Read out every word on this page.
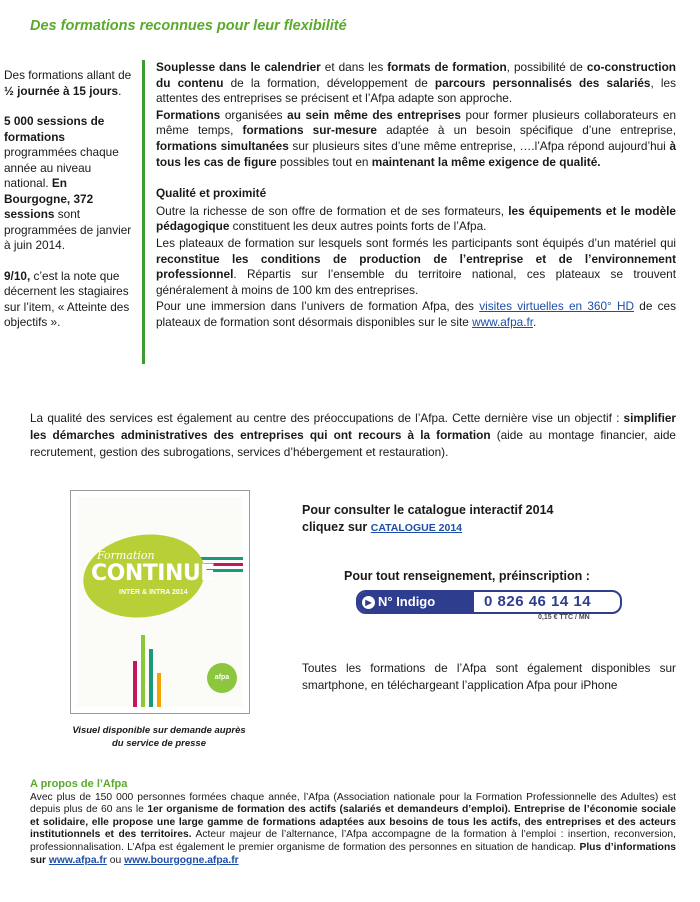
Des formations reconnues pour leur flexibilité

Des formations allant de ½ journée à 15 jours.

5 000 sessions de formations programmées chaque année au niveau national. En Bourgogne, 372 sessions sont programmées de janvier à juin 2014.

9/10, c’est la note que décernent les stagiaires sur l’item, « Atteinte des objectifs ».

Souplesse dans le calendrier et dans les formats de formation, possibilité de co-construction du contenu de la formation, développement de parcours personnalisés des salariés, les attentes des entreprises se précisent et l’Afpa adapte son approche.

Formations organisées au sein même des entreprises pour former plusieurs collaborateurs en même temps, formations sur-mesure adaptée à un besoin spécifique d’une entreprise, formations simultanées sur plusieurs sites d’une même entreprise, ….l’Afpa répond aujourd’hui à tous les cas de figure possibles tout en maintenant la même exigence de qualité.

Qualité et proximité

Outre la richesse de son offre de formation et de ses formateurs, les équipements et le modèle pédagogique constituent les deux autres points forts de l’Afpa.

Les plateaux de formation sur lesquels sont formés les participants sont équipés d’un matériel qui reconstitue les conditions de production de l’entreprise et de l’environnement professionnel. Répartis sur l’ensemble du territoire national, ces plateaux se trouvent généralement à moins de 100 km des entreprises.

Pour une immersion dans l’univers de formation Afpa, des visites virtuelles en 360° HD de ces plateaux de formation sont désormais disponibles sur le site www.afpa.fr.

La qualité des services est également au centre des préoccupations de l’Afpa. Cette dernière vise un objectif : simplifier les démarches administratives des entreprises qui ont recours à la formation (aide au montage financier, aide recrutement, gestion des subrogations, services d’hébergement et restauration).
Formation
CONTINUE
INTER & INTRA 2014
afpa
Visuel disponible sur demande auprès du service de presse
Pour consulter le catalogue interactif 2014
cliquez sur CATALOGUE 2014
Pour tout renseignement, préinscription :
▶ N° Indigo	0 826 46 14 14
0,15 € TTC / MN
Toutes les formations de l’Afpa sont également disponibles sur smartphone, en téléchargeant l’application Afpa pour iPhone
A propos de l’Afpa
Avec plus de 150 000 personnes formées chaque année, l’Afpa (Association nationale pour la Formation Professionnelle des Adultes) est depuis plus de 60 ans le 1er organisme de formation des actifs (salariés et demandeurs d’emploi). Entreprise de l’économie sociale et solidaire, elle propose une large gamme de formations adaptées aux besoins de tous les actifs, des entreprises et des acteurs institutionnels et des territoires. Acteur majeur de l’alternance, l’Afpa accompagne de la formation à l’emploi : insertion, reconversion, professionnalisation. L’Afpa est également le premier organisme de formation des personnes en situation de handicap. Plus d’informations sur www.afpa.fr ou www.bourgogne.afpa.fr
